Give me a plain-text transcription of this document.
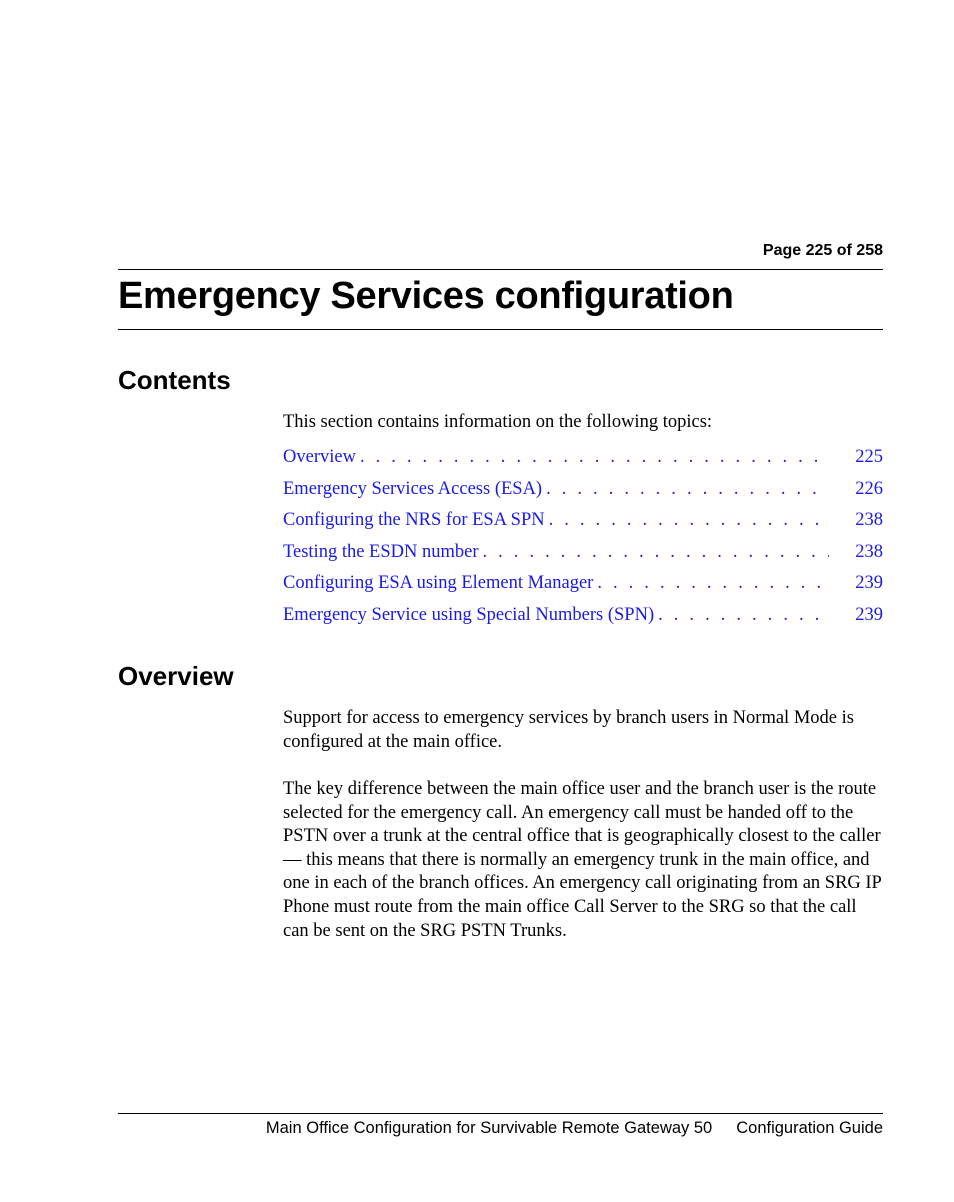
Page 225 of 258
Emergency Services configuration
Contents

This section contains information on the following topics:

Overview . . .	225
Emergency Services Access (ESA) . . .	226
Configuring the NRS for ESA SPN . . .	238
Testing the ESDN number . . .	238
Configuring ESA using Element Manager . . .	239
Emergency Service using Special Numbers (SPN) . . .	239
Overview

Support for access to emergency services by branch users in Normal Mode is configured at the main office.

The key difference between the main office user and the branch user is the route selected for the emergency call. An emergency call must be handed off to the PSTN over a trunk at the central office that is geographically closest to the caller — this means that there is normally an emergency trunk in the main office, and one in each of the branch offices. An emergency call originating from an SRG IP Phone must route from the main office Call Server to the SRG so that the call can be sent on the SRG PSTN Trunks.

Main Office Configuration for Survivable Remote Gateway 50 Configuration Guide
